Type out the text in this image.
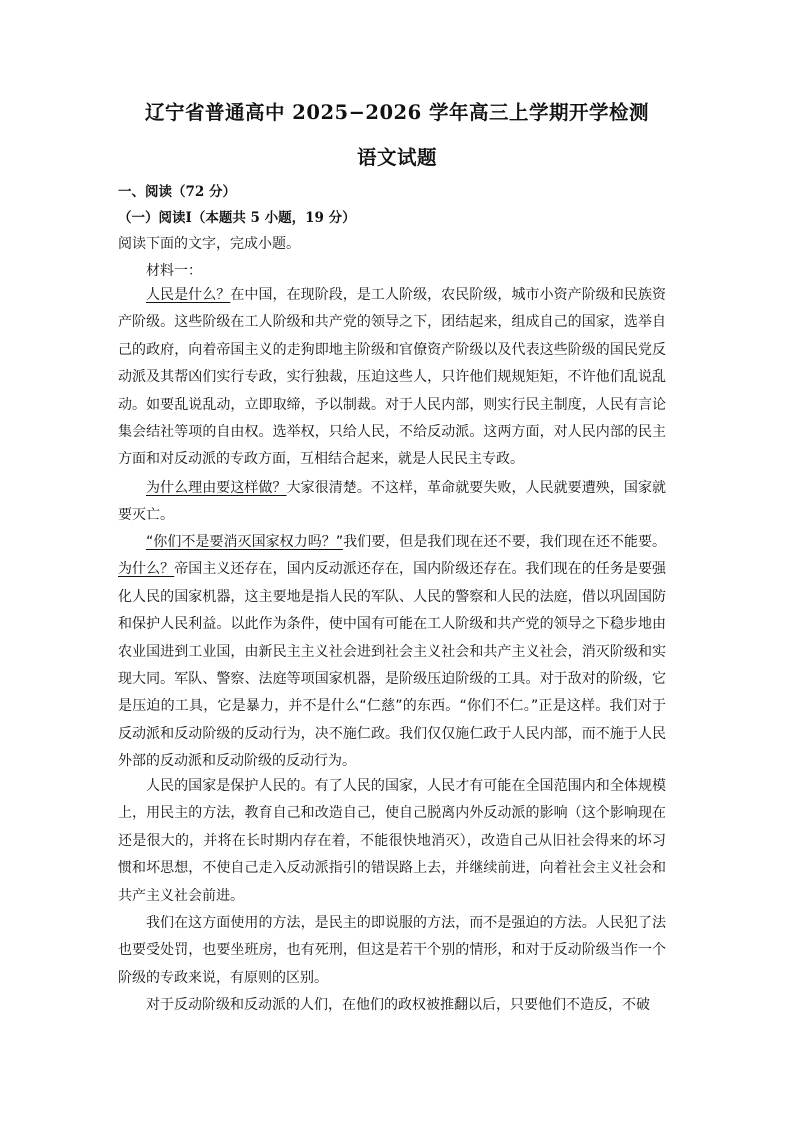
辽宁省普通高中 2025−2026 学年高三上学期开学检测
语文试题
一、阅读（72 分）
（一）阅读Ⅰ（本题共 5 小题，19 分）
阅读下面的文字，完成小题。
材料一：

人民是什么？在中国，在现阶段，是工人阶级，农民阶级，城市小资产阶级和民族资产阶级。这些阶级在工人阶级和共产党的领导之下，团结起来，组成自己的国家，选举自己的政府，向着帝国主义的走狗即地主阶级和官僚资产阶级以及代表这些阶级的国民党反动派及其帮凶们实行专政，实行独裁，压迫这些人，只许他们规规矩矩，不许他们乱说乱动。如要乱说乱动，立即取缔，予以制裁。对于人民内部，则实行民主制度，人民有言论集会结社等项的自由权。选举权，只给人民，不给反动派。这两方面，对人民内部的民主方面和对反动派的专政方面，互相结合起来，就是人民民主专政。

为什么理由要这样做？大家很清楚。不这样，革命就要失败，人民就要遭殃，国家就要灭亡。

“你们不是要消灭国家权力吗？”我们要，但是我们现在还不要，我们现在还不能要。为什么？帝国主义还存在，国内反动派还存在，国内阶级还存在。我们现在的任务是要强化人民的国家机器，这主要地是指人民的军队、人民的警察和人民的法庭，借以巩固国防和保护人民利益。以此作为条件，使中国有可能在工人阶级和共产党的领导之下稳步地由农业国进到工业国，由新民主主义社会进到社会主义社会和共产主义社会，消灭阶级和实现大同。军队、警察、法庭等项国家机器，是阶级压迫阶级的工具。对于敌对的阶级，它是压迫的工具，它是暴力，并不是什么“仁慈”的东西。“你们不仁。”正是这样。我们对于反动派和反动阶级的反动行为，决不施仁政。我们仅仅施仁政于人民内部，而不施于人民外部的反动派和反动阶级的反动行为。

人民的国家是保护人民的。有了人民的国家，人民才有可能在全国范围内和全体规模上，用民主的方法，教育自己和改造自己，使自己脱离内外反动派的影响（这个影响现在还是很大的，并将在长时期内存在着，不能很快地消灭），改造自己从旧社会得来的坏习惯和坏思想，不使自己走入反动派指引的错误路上去，并继续前进，向着社会主义社会和共产主义社会前进。

我们在这方面使用的方法，是民主的即说服的方法，而不是强迫的方法。人民犯了法也要受处罚，也要坐班房，也有死刑，但这是若干个别的情形，和对于反动阶级当作一个阶级的专政来说，有原则的区别。

对于反动阶级和反动派的人们，在他们的政权被推翻以后，只要他们不造反，不破
